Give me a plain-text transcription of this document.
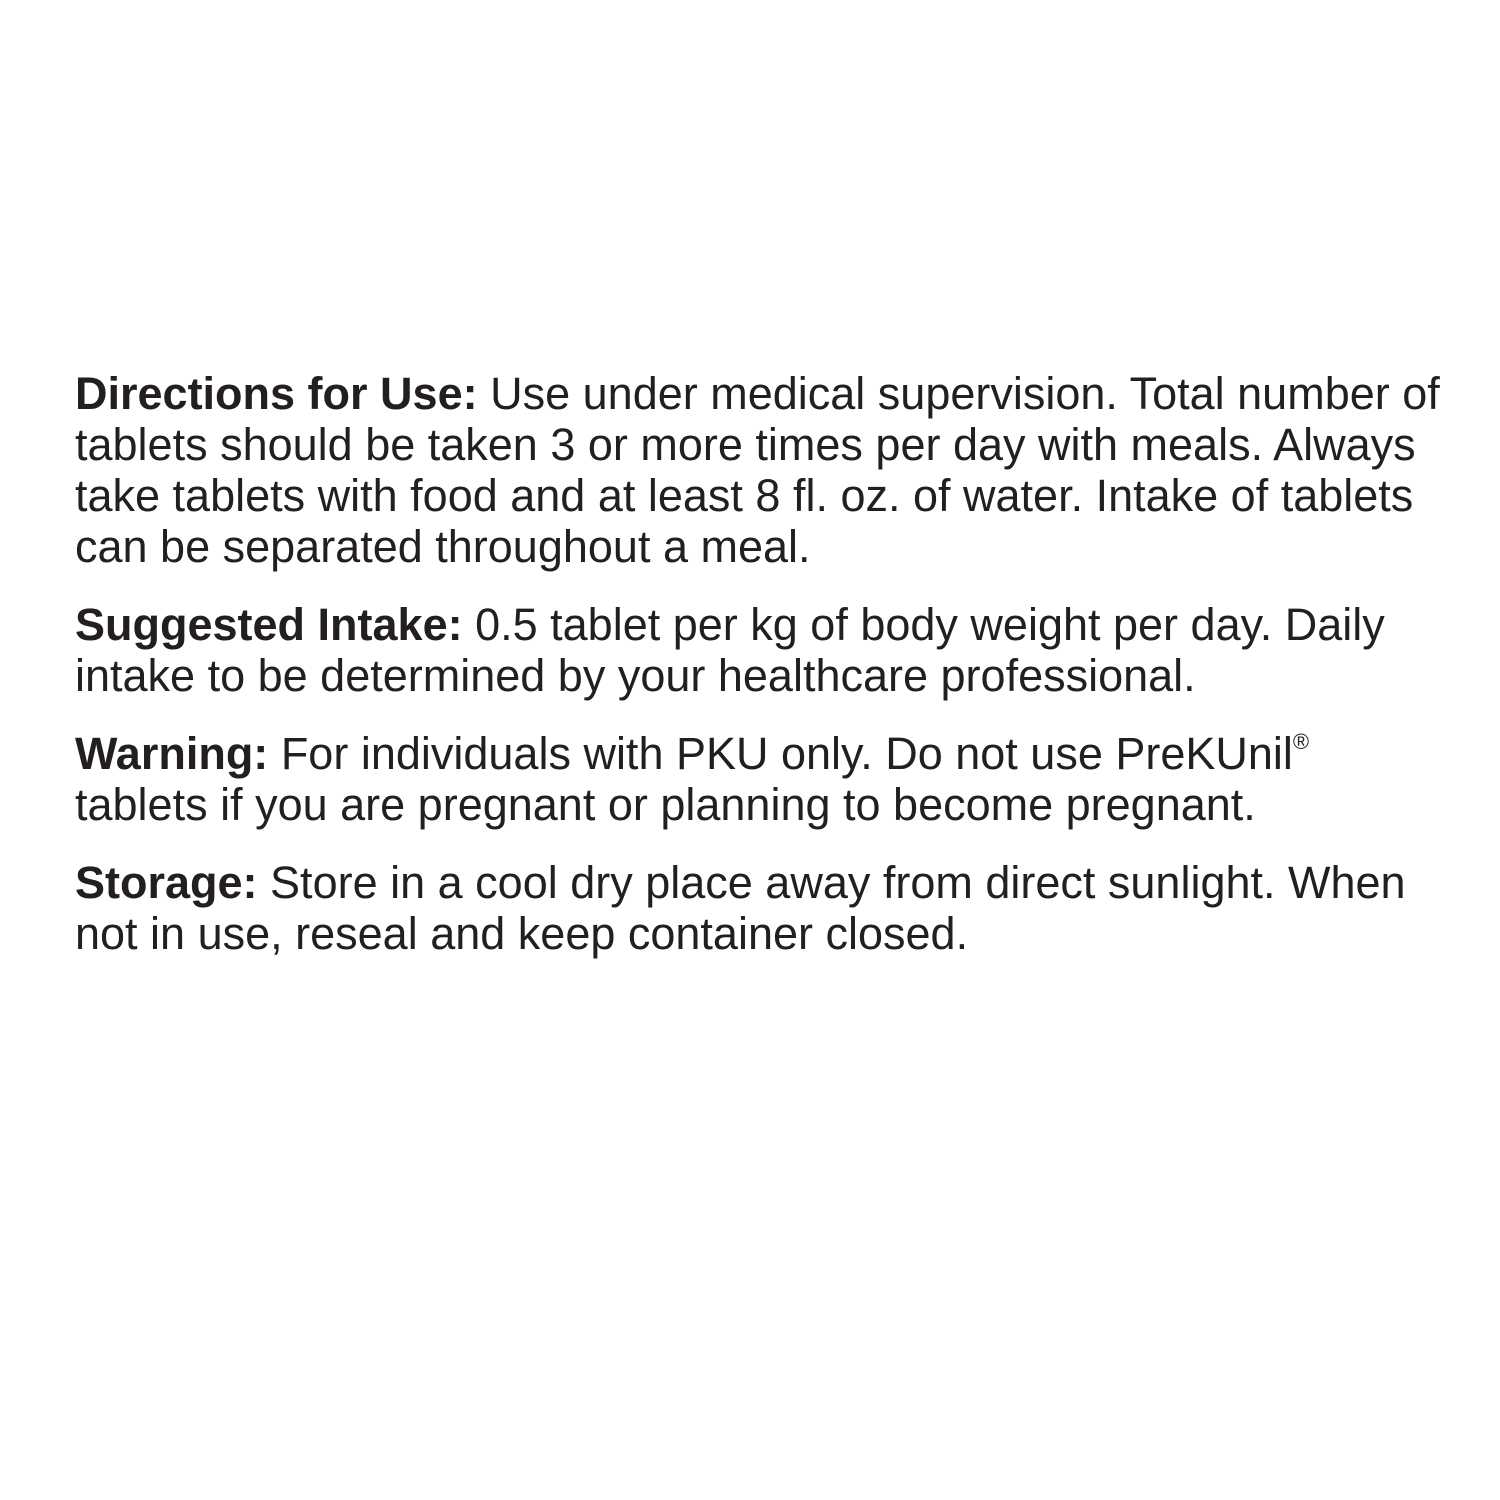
Directions for Use: Use under medical supervision. Total number of tablets should be taken 3 or more times per day with meals. Always take tablets with food and at least 8 fl. oz. of water. Intake of tablets can be separated throughout a meal.

Suggested Intake: 0.5 tablet per kg of body weight per day. Daily intake to be determined by your healthcare professional.

Warning: For individuals with PKU only. Do not use PreKUnil® tablets if you are pregnant or planning to become pregnant.

Storage: Store in a cool dry place away from direct sunlight. When not in use, reseal and keep container closed.
